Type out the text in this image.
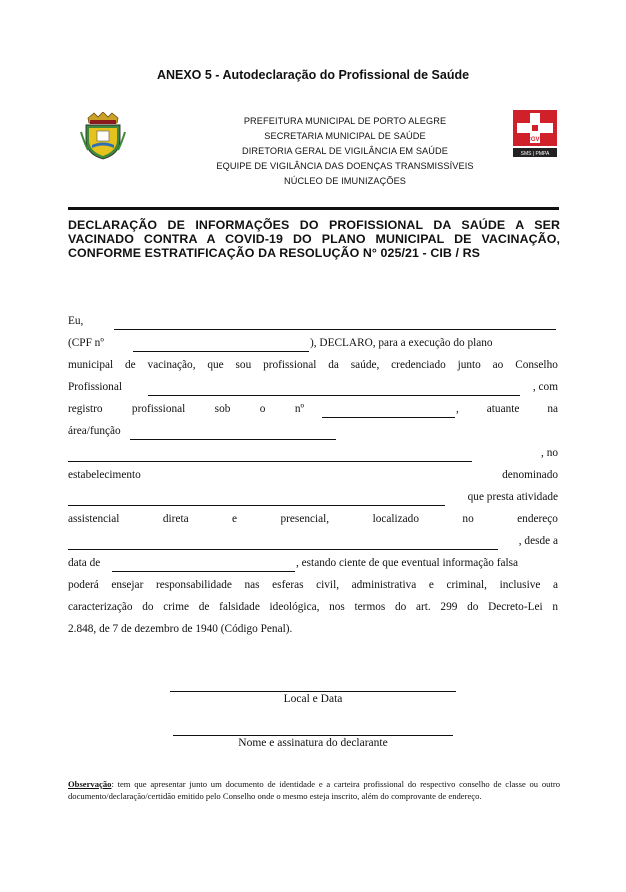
ANEXO 5 - Autodeclaração do Profissional de Saúde
PREFEITURA MUNICIPAL DE PORTO ALEGRE
SECRETARIA MUNICIPAL DE SAÚDE
DIRETORIA GERAL DE VIGILÂNCIA EM SAÚDE
EQUIPE DE VIGILÂNCIA DAS DOENÇAS TRANSMISSÍVEIS
NÚCLEO DE IMUNIZAÇÕES
CGVS
SMS | PMPA
DECLARAÇÃO DE INFORMAÇÕES DO PROFISSIONAL DA SAÚDE A SER VACINADO CONTRA A COVID-19 DO PLANO MUNICIPAL DE VACINAÇÃO, CONFORME ESTRATIFICAÇÃO DA RESOLUÇÃO N° 025/21 - CIB / RS
Eu,
(CPF nº	), DECLARO, para a execução do plano
municipal de vacinação, que sou profissional da saúde, credenciado junto ao Conselho
Profissional	, com
registro	profissional	sob	o	nº	, atuante na
área/função
, no
estabelecimento	denominado
que presta atividade
assistencial	direta	e	presencial,	localizado	no	endereço
, desde a
data de	, estando ciente de que eventual informação falsa
poderá ensejar responsabilidade nas esferas civil, administrativa e criminal, inclusive a
caracterização do crime de falsidade ideológica, nos termos do art. 299 do Decreto-Lei n
2.848, de 7 de dezembro de 1940 (Código Penal).
Local e Data
Nome e assinatura do declarante
Observação: tem que apresentar junto um documento de identidade e a carteira profissional do respectivo conselho de classe ou outro documento/declaração/certidão emitido pelo Conselho onde o mesmo esteja inscrito, além do comprovante de endereço.
